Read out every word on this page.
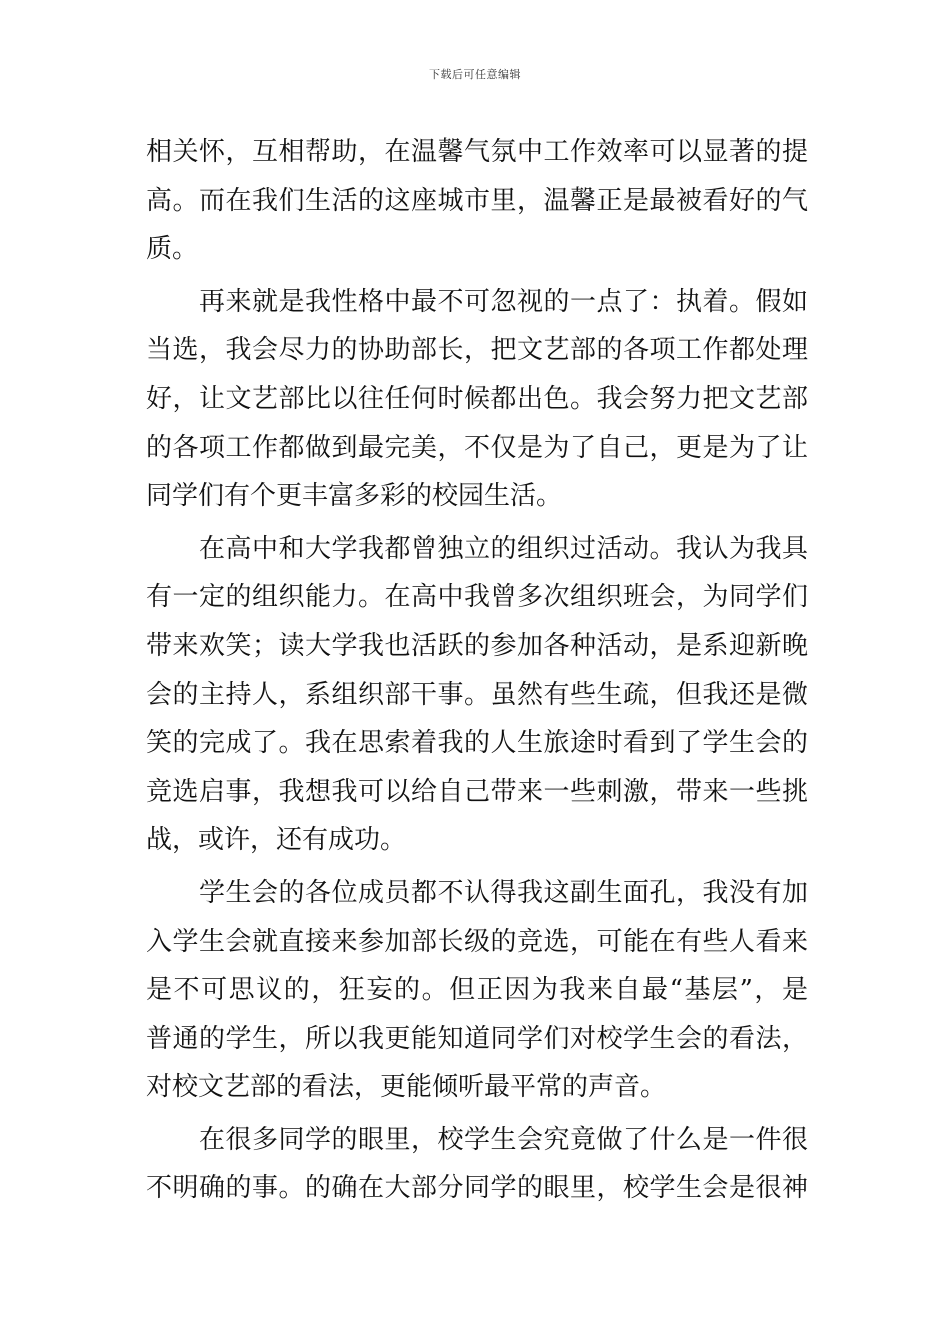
下载后可任意编辑

相关怀，互相帮助，在温馨气氛中工作效率可以显著的提
高。而在我们生活的这座城市里，温馨正是最被看好的气
质。

　　再来就是我性格中最不可忽视的一点了：执着。假如
当选，我会尽力的协助部长，把文艺部的各项工作都处理
好，让文艺部比以往任何时候都出色。我会努力把文艺部
的各项工作都做到最完美，不仅是为了自己，更是为了让
同学们有个更丰富多彩的校园生活。

　　在高中和大学我都曾独立的组织过活动。我认为我具
有一定的组织能力。在高中我曾多次组织班会，为同学们
带来欢笑；读大学我也活跃的参加各种活动，是系迎新晚
会的主持人，系组织部干事。虽然有些生疏，但我还是微
笑的完成了。我在思索着我的人生旅途时看到了学生会的
竞选启事，我想我可以给自己带来一些刺激，带来一些挑
战，或许，还有成功。

　　学生会的各位成员都不认得我这副生面孔，我没有加
入学生会就直接来参加部长级的竞选，可能在有些人看来
是不可思议的，狂妄的。但正因为我来自最“基层”，是
普通的学生，所以我更能知道同学们对校学生会的看法，
对校文艺部的看法，更能倾听最平常的声音。

　　在很多同学的眼里，校学生会究竟做了什么是一件很
不明确的事。的确在大部分同学的眼里，校学生会是很神
